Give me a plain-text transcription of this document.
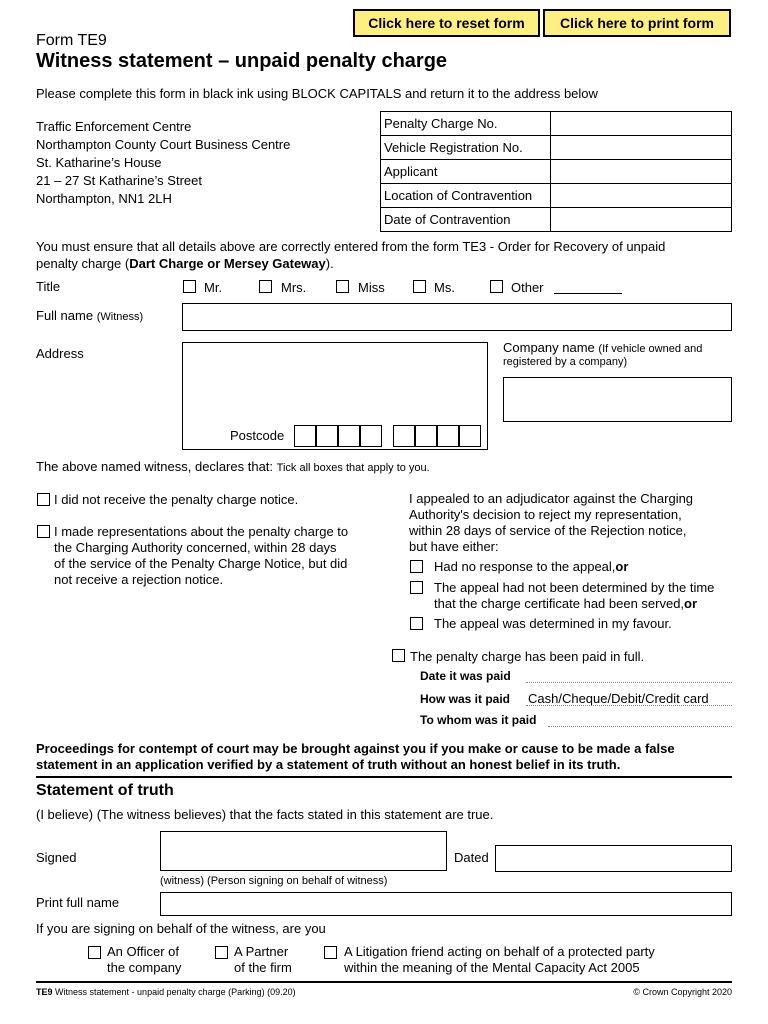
Click here to reset form	Click here to print form
Form TE9
Witness statement – unpaid penalty charge
Please complete this form in black ink using BLOCK CAPITALS and return it to the address below
Traffic Enforcement Centre
Northampton County Court Business Centre
St. Katharine’s House
21 – 27 St Katharine’s Street
Northampton, NN1 2LH
Penalty Charge No.	
Vehicle Registration No.	
Applicant	
Location of Contravention	
Date of Contravention	
You must ensure that all details above are correctly entered from the form TE3 - Order for Recovery of unpaid
penalty charge (Dart Charge or Mersey Gateway).
Title	Mr.	Mrs.	Miss	Ms.	Other
Full name (Witness)
Address
Postcode
Company name (If vehicle owned and
registered by a company)
The above named witness, declares that: Tick all boxes that apply to you.
I did not receive the penalty charge notice.
I made representations about the penalty charge to
the Charging Authority concerned, within 28 days
of the service of the Penalty Charge Notice, but did
not receive a rejection notice.
I appealed to an adjudicator against the Charging
Authority's decision to reject my representation,
within 28 days of service of the Rejection notice,
but have either:
Had no response to the appeal,or
The appeal had not been determined by the time
that the charge certificate had been served,or
The appeal was determined in my favour.
The penalty charge has been paid in full.
Date it was paid
How was it paid Cash/Cheque/Debit/Credit card
To whom was it paid
Proceedings for contempt of court may be brought against you if you make or cause to be made a false
statement in an application verified by a statement of truth without an honest belief in its truth.
Statement of truth
(I believe) (The witness believes) that the facts stated in this statement are true.
Signed	Dated
(witness) (Person signing on behalf of witness)
Print full name
If you are signing on behalf of the witness, are you
An Officer of
the company
A Partner
of the firm
A Litigation friend acting on behalf of a protected party
within the meaning of the Mental Capacity Act 2005
TE9 Witness statement - unpaid penalty charge (Parking) (09.20)	© Crown Copyright 2020
